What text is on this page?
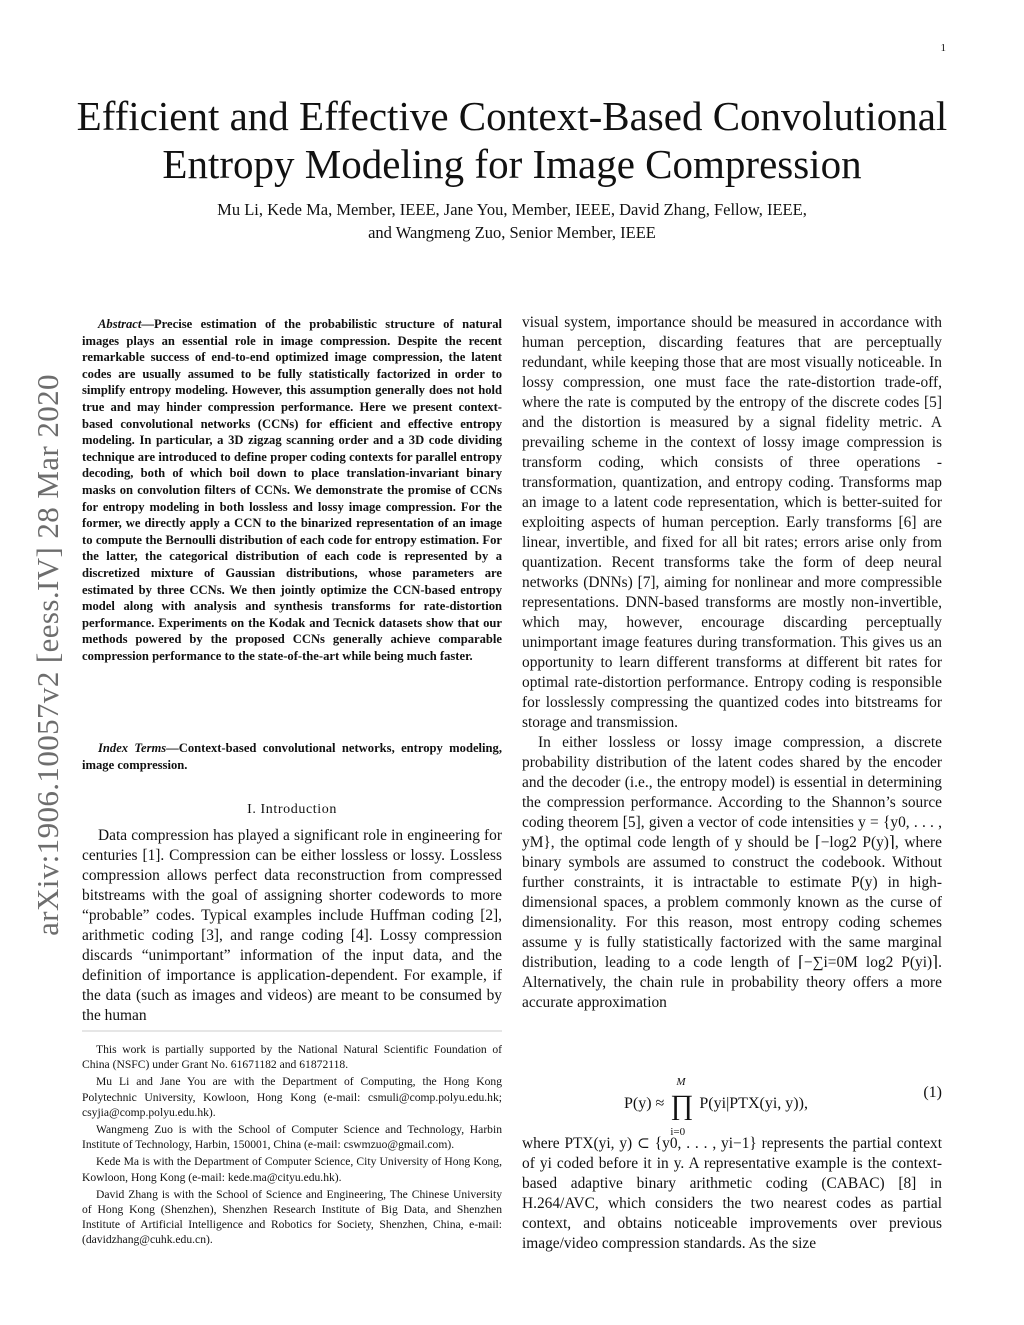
1
arXiv:1906.10057v2 [eess.IV] 28 Mar 2020
Efficient and Effective Context-Based Convolutional
Entropy Modeling for Image Compression
Mu Li, Kede Ma, Member, IEEE, Jane You, Member, IEEE, David Zhang, Fellow, IEEE,
and Wangmeng Zuo, Senior Member, IEEE
Abstract—Precise estimation of the probabilistic structure of natural images plays an essential role in image compression. Despite the recent remarkable success of end-to-end optimized image compression, the latent codes are usually assumed to be fully statistically factorized in order to simplify entropy modeling. However, this assumption generally does not hold true and may hinder compression performance. Here we present context-based convolutional networks (CCNs) for efficient and effective entropy modeling. In particular, a 3D zigzag scanning order and a 3D code dividing technique are introduced to define proper coding contexts for parallel entropy decoding, both of which boil down to place translation-invariant binary masks on convolution filters of CCNs. We demonstrate the promise of CCNs for entropy modeling in both lossless and lossy image compression. For the former, we directly apply a CCN to the binarized representation of an image to compute the Bernoulli distribution of each code for entropy estimation. For the latter, the categorical distribution of each code is represented by a discretized mixture of Gaussian distributions, whose parameters are estimated by three CCNs. We then jointly optimize the CCN-based entropy model along with analysis and synthesis transforms for rate-distortion performance. Experiments on the Kodak and Tecnick datasets show that our methods powered by the proposed CCNs generally achieve comparable compression performance to the state-of-the-art while being much faster.
Index Terms—Context-based convolutional networks, entropy modeling, image compression.
I. Introduction
Data compression has played a significant role in engineering for centuries [1]. Compression can be either lossless or lossy. Lossless compression allows perfect data reconstruction from compressed bitstreams with the goal of assigning shorter codewords to more “probable” codes. Typical examples include Huffman coding [2], arithmetic coding [3], and range coding [4]. Lossy compression discards “unimportant” information of the input data, and the definition of importance is application-dependent. For example, if the data (such as images and videos) are meant to be consumed by the human

This work is partially supported by the National Natural Scientific Foundation of China (NSFC) under Grant No. 61671182 and 61872118.

Mu Li and Jane You are with the Department of Computing, the Hong Kong Polytechnic University, Kowloon, Hong Kong (e-mail: csmuli@comp.polyu.edu.hk; csyjia@comp.polyu.edu.hk).

Wangmeng Zuo is with the School of Computer Science and Technology, Harbin Institute of Technology, Harbin, 150001, China (e-mail: cswmzuo@gmail.com).

Kede Ma is with the Department of Computer Science, City University of Hong Kong, Kowloon, Hong Kong (e-mail: kede.ma@cityu.edu.hk).

David Zhang is with the School of Science and Engineering, The Chinese University of Hong Kong (Shenzhen), Shenzhen Research Institute of Big Data, and Shenzhen Institute of Artificial Intelligence and Robotics for Society, Shenzhen, China, e-mail: (davidzhang@cuhk.edu.cn).

visual system, importance should be measured in accordance with human perception, discarding features that are perceptually redundant, while keeping those that are most visually noticeable. In lossy compression, one must face the rate-distortion trade-off, where the rate is computed by the entropy of the discrete codes [5] and the distortion is measured by a signal fidelity metric. A prevailing scheme in the context of lossy image compression is transform coding, which consists of three operations - transformation, quantization, and entropy coding. Transforms map an image to a latent code representation, which is better-suited for exploiting aspects of human perception. Early transforms [6] are linear, invertible, and fixed for all bit rates; errors arise only from quantization. Recent transforms take the form of deep neural networks (DNNs) [7], aiming for nonlinear and more compressible representations. DNN-based transforms are mostly non-invertible, which may, however, encourage discarding perceptually unimportant image features during transformation. This gives us an opportunity to learn different transforms at different bit rates for optimal rate-distortion performance. Entropy coding is responsible for losslessly compressing the quantized codes into bitstreams for storage and transmission.

In either lossless or lossy image compression, a discrete probability distribution of the latent codes shared by the encoder and the decoder (i.e., the entropy model) is essential in determining the compression performance. According to the Shannon’s source coding theorem [5], given a vector of code intensities y = {y0, . . . , yM}, the optimal code length of y should be ⌈−log2 P(y)⌉, where binary symbols are assumed to construct the codebook. Without further constraints, it is intractable to estimate P(y) in high-dimensional spaces, a problem commonly known as the curse of dimensionality. For this reason, most entropy coding schemes assume y is fully statistically factorized with the same marginal distribution, leading to a code length of ⌈−∑i=0M log2 P(yi)⌉. Alternatively, the chain rule in probability theory offers a more accurate approximation

P(y) ≈ ∏
M
i=0
P(yi|PTX(yi, y)),
(1)

where PTX(yi, y) ⊂ {y0, . . . , yi−1} represents the partial context of yi coded before it in y. A representative example is the context-based adaptive binary arithmetic coding (CABAC) [8] in H.264/AVC, which considers the two nearest codes as partial context, and obtains noticeable improvements over previous image/video compression standards. As the size
